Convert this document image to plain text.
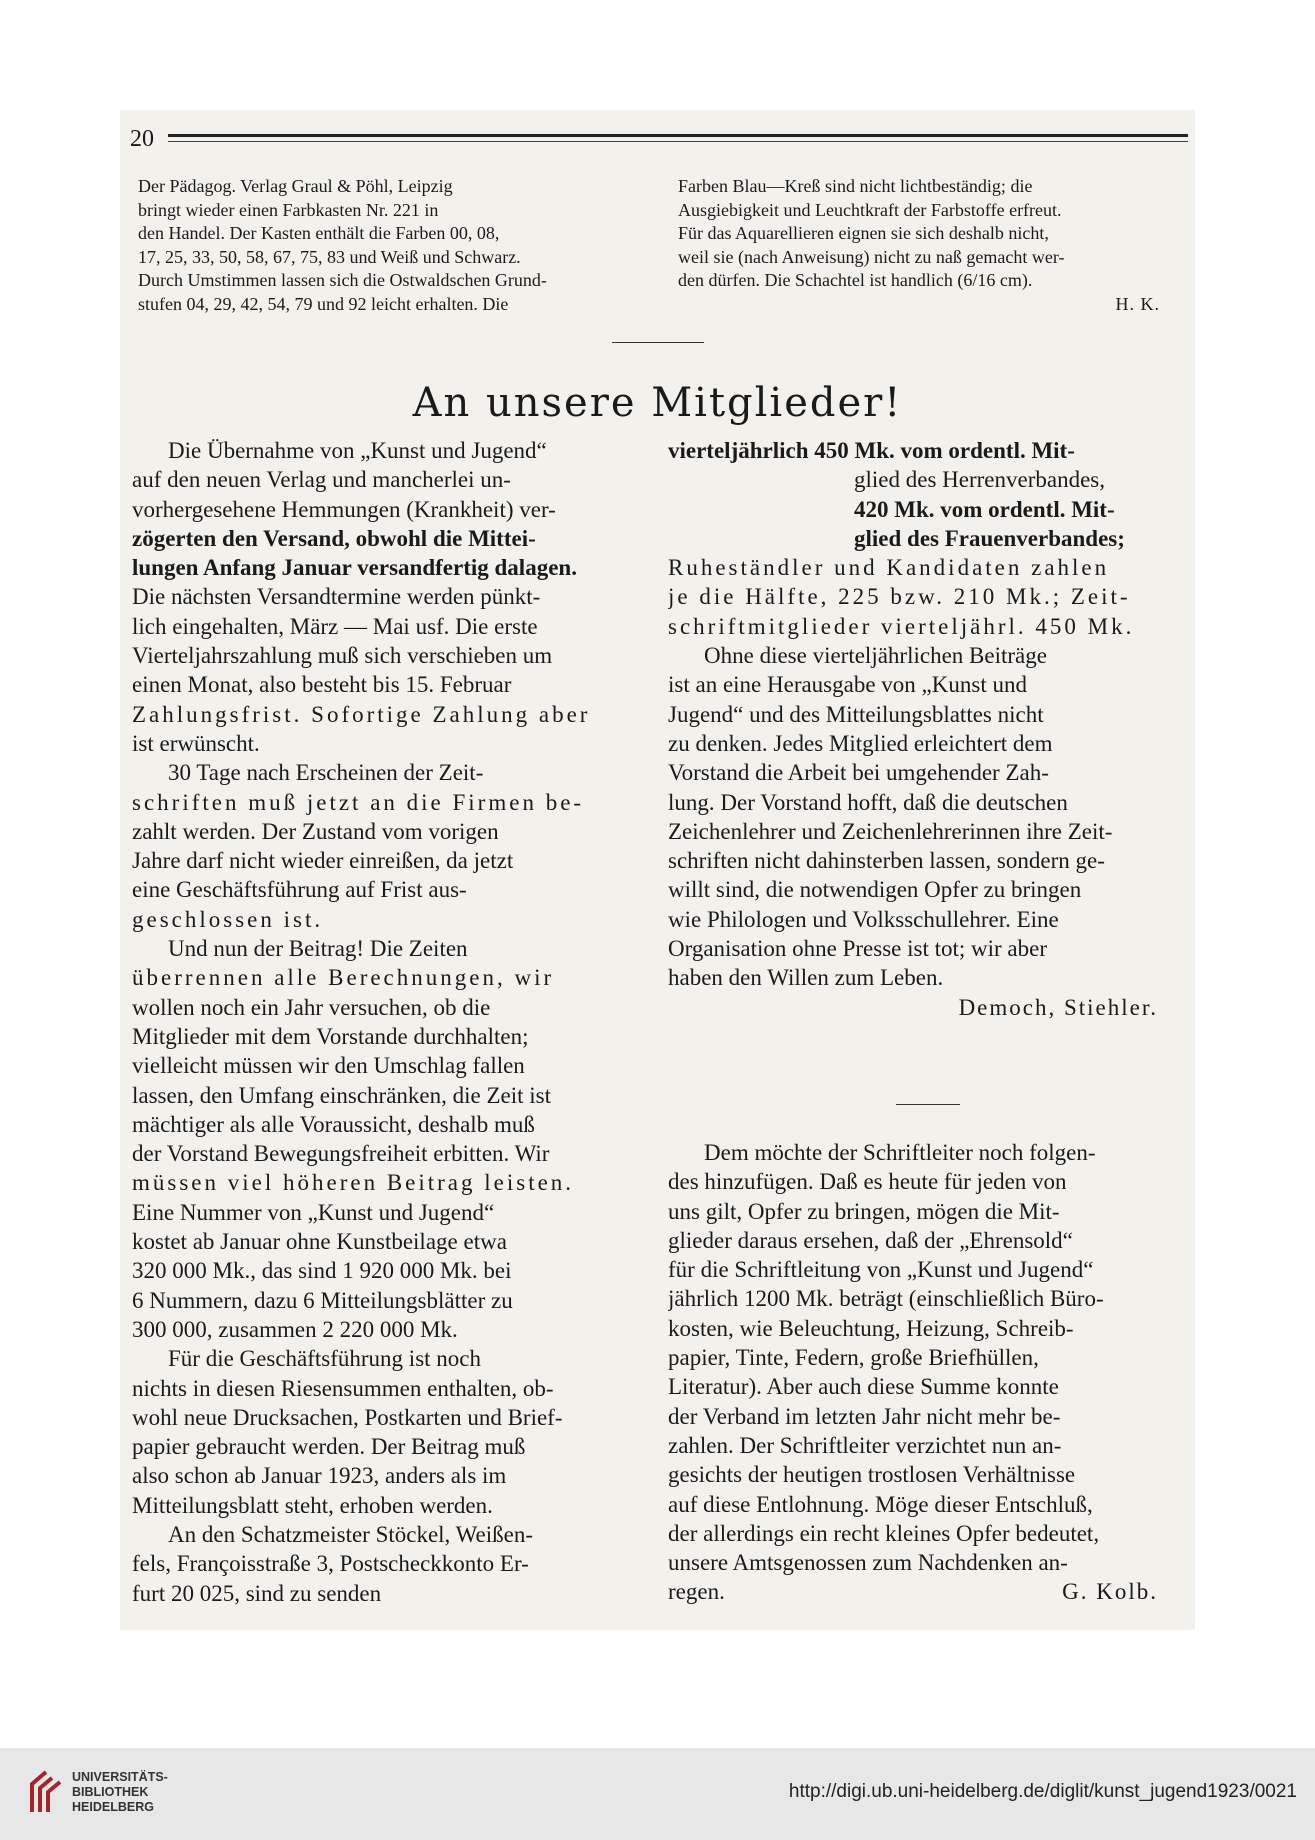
20
Der Pädagog. Verlag Graul & Pöhl, Leipzig
bringt wieder einen Farbkasten Nr. 221 in
den Handel. Der Kasten enthält die Farben 00, 08,
17, 25, 33, 50, 58, 67, 75, 83 und Weiß und Schwarz.
Durch Umstimmen lassen sich die Ostwaldschen Grund-
stufen 04, 29, 42, 54, 79 und 92 leicht erhalten. Die
Farben Blau—Kreß sind nicht lichtbeständig; die
Ausgiebigkeit und Leuchtkraft der Farbstoffe erfreut.
Für das Aquarellieren eignen sie sich deshalb nicht,
weil sie (nach Anweisung) nicht zu naß gemacht wer-
den dürfen. Die Schachtel ist handlich (6/16 cm).
H. K.
An unsere Mitglieder!
Die Übernahme von „Kunst und Jugend“
auf den neuen Verlag und mancherlei un-
vorhergesehene Hemmungen (Krankheit) ver-
zögerten den Versand, obwohl die Mittei-
lungen Anfang Januar versandfertig dalagen.
Die nächsten Versandtermine werden pünkt-
lich eingehalten, März — Mai usf. Die erste
Vierteljahrszahlung muß sich verschieben um
einen Monat, also besteht bis 15. Februar
Zahlungsfrist. Sofortige Zahlung aber
ist erwünscht.
30 Tage nach Erscheinen der Zeit-
schriften muß jetzt an die Firmen be-
zahlt werden. Der Zustand vom vorigen
Jahre darf nicht wieder einreißen, da jetzt
eine Geschäftsführung auf Frist aus-
geschlossen ist.
Und nun der Beitrag! Die Zeiten
überrennen alle Berechnungen, wir
wollen noch ein Jahr versuchen, ob die
Mitglieder mit dem Vorstande durchhalten;
vielleicht müssen wir den Umschlag fallen
lassen, den Umfang einschränken, die Zeit ist
mächtiger als alle Voraussicht, deshalb muß
der Vorstand Bewegungsfreiheit erbitten. Wir
müssen viel höheren Beitrag leisten.
Eine Nummer von „Kunst und Jugend“
kostet ab Januar ohne Kunstbeilage etwa
320 000 Mk., das sind 1 920 000 Mk. bei
6 Nummern, dazu 6 Mitteilungsblätter zu
300 000, zusammen 2 220 000 Mk.
Für die Geschäftsführung ist noch
nichts in diesen Riesensummen enthalten, ob-
wohl neue Drucksachen, Postkarten und Brief-
papier gebraucht werden. Der Beitrag muß
also schon ab Januar 1923, anders als im
Mitteilungsblatt steht, erhoben werden.
An den Schatzmeister Stöckel, Weißen-
fels, Françoisstraße 3, Postscheckkonto Er-
furt 20 025, sind zu senden
vierteljährlich 450 Mk. vom ordentl. Mit-
glied des Herrenverbandes,
420 Mk. vom ordentl. Mit-
glied des Frauenverbandes;
Ruheständler und Kandidaten zahlen
je die Hälfte, 225 bzw. 210 Mk.; Zeit-
schriftmitglieder vierteljährl. 450 Mk.
Ohne diese vierteljährlichen Beiträge
ist an eine Herausgabe von „Kunst und
Jugend“ und des Mitteilungsblattes nicht
zu denken. Jedes Mitglied erleichtert dem
Vorstand die Arbeit bei umgehender Zah-
lung. Der Vorstand hofft, daß die deutschen
Zeichenlehrer und Zeichenlehrerinnen ihre Zeit-
schriften nicht dahinsterben lassen, sondern ge-
willt sind, die notwendigen Opfer zu bringen
wie Philologen und Volksschullehrer. Eine
Organisation ohne Presse ist tot; wir aber
haben den Willen zum Leben.
Democh, Stiehler.
Dem möchte der Schriftleiter noch folgen-
des hinzufügen. Daß es heute für jeden von
uns gilt, Opfer zu bringen, mögen die Mit-
glieder daraus ersehen, daß der „Ehrensold“
für die Schriftleitung von „Kunst und Jugend“
jährlich 1200 Mk. beträgt (einschließlich Büro-
kosten, wie Beleuchtung, Heizung, Schreib-
papier, Tinte, Federn, große Briefhüllen,
Literatur). Aber auch diese Summe konnte
der Verband im letzten Jahr nicht mehr be-
zahlen. Der Schriftleiter verzichtet nun an-
gesichts der heutigen trostlosen Verhältnisse
auf diese Entlohnung. Möge dieser Entschluß,
der allerdings ein recht kleines Opfer bedeutet,
unsere Amtsgenossen zum Nachdenken an-
regen.	G. Kolb.
UNIVERSITÄTS-
BIBLIOTHEK
HEIDELBERG
http://digi.ub.uni-heidelberg.de/diglit/kunst_jugend1923/0021
